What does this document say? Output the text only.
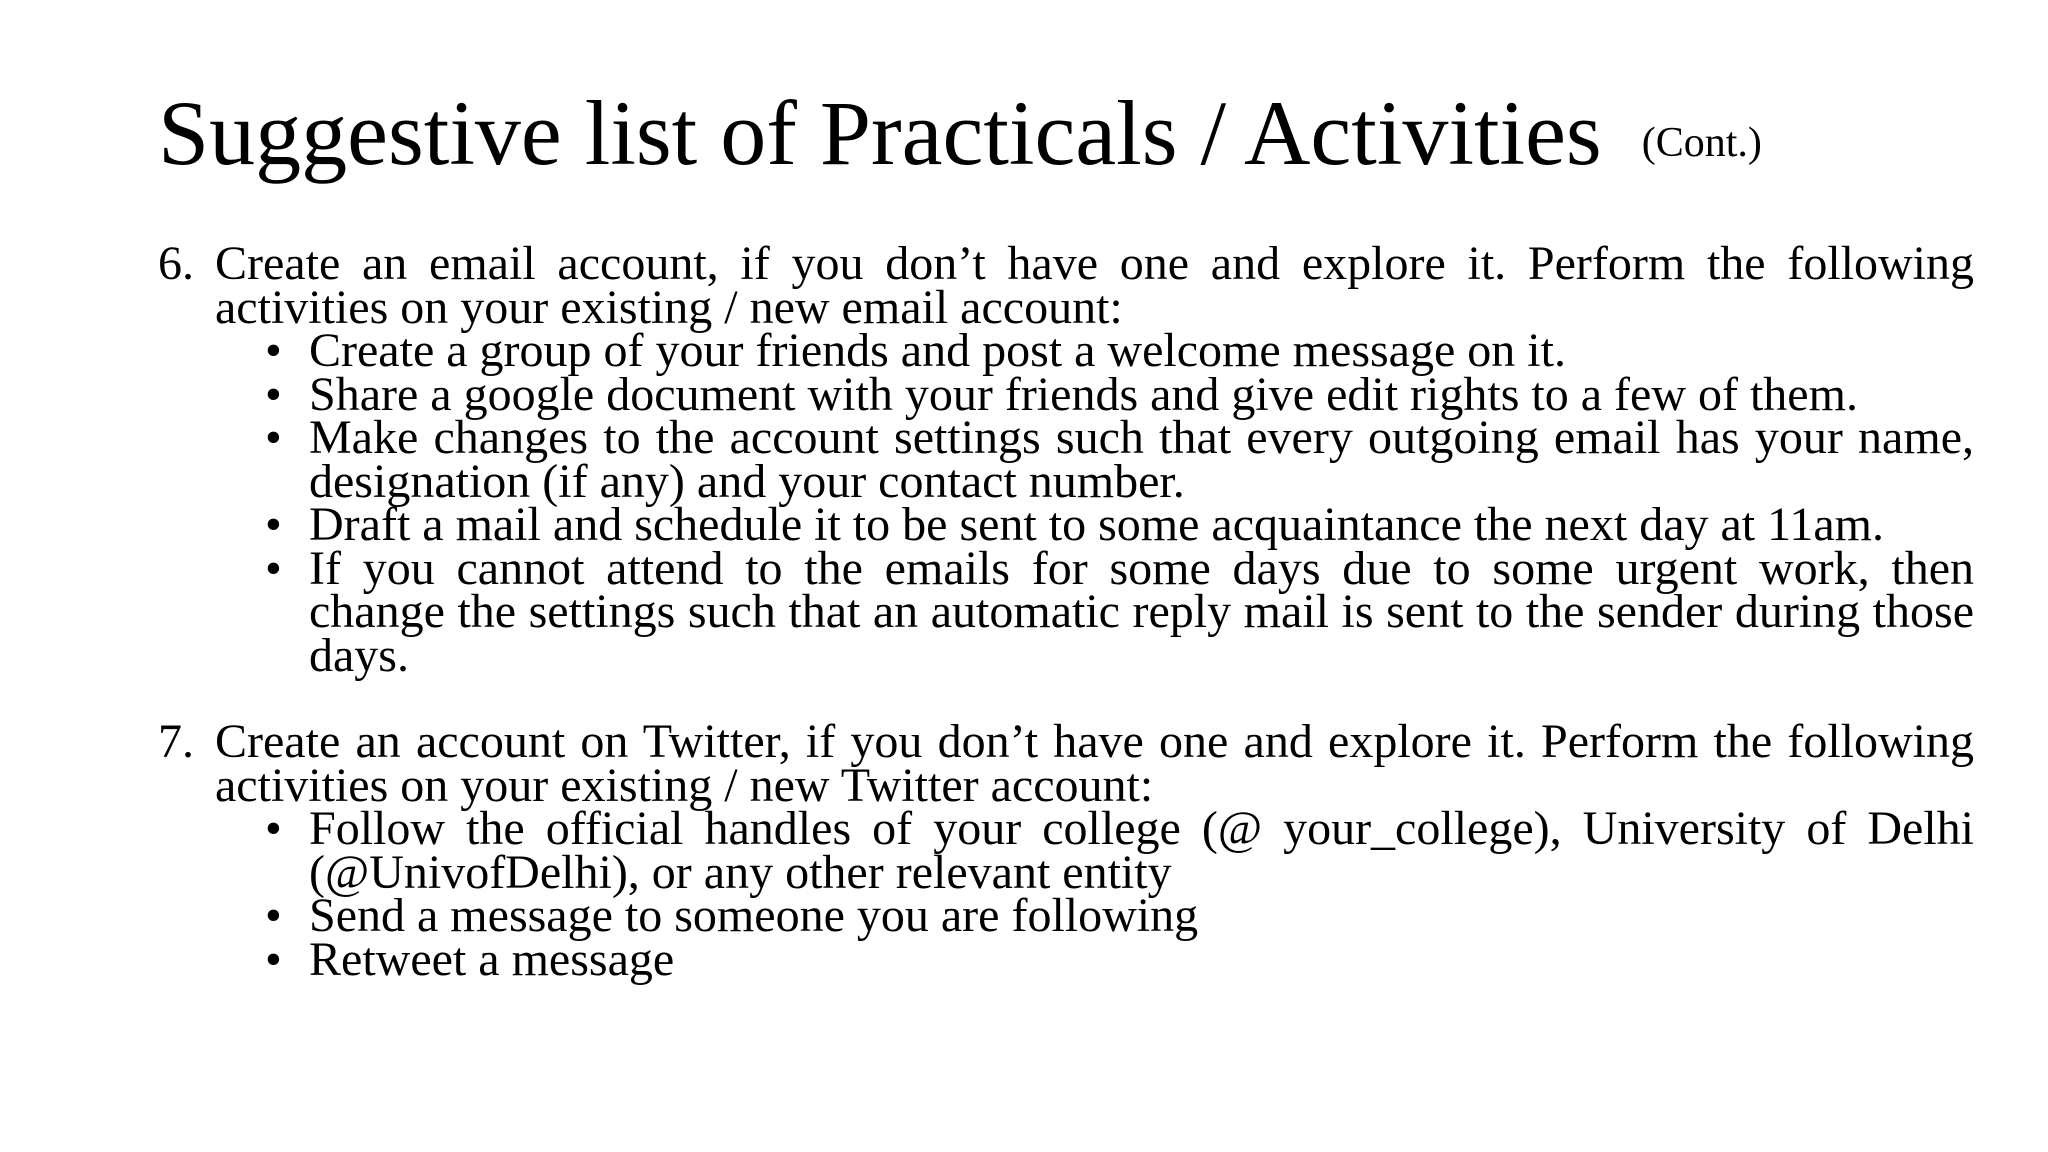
Suggestive list of Practicals / Activities (Cont.)
6. Create an email account, if you don’t have one and explore it. Perform the following activities on your existing / new email account:
• Create a group of your friends and post a welcome message on it.
• Share a google document with your friends and give edit rights to a few of them.
• Make changes to the account settings such that every outgoing email has your name, designation (if any) and your contact number.
• Draft a mail and schedule it to be sent to some acquaintance the next day at 11am.
• If you cannot attend to the emails for some days due to some urgent work, then change the settings such that an automatic reply mail is sent to the sender during those days.
7. Create an account on Twitter, if you don’t have one and explore it. Perform the following activities on your existing / new Twitter account:
• Follow the official handles of your college (@ your_college), University of Delhi (@UnivofDelhi), or any other relevant entity
• Send a message to someone you are following
• Retweet a message
